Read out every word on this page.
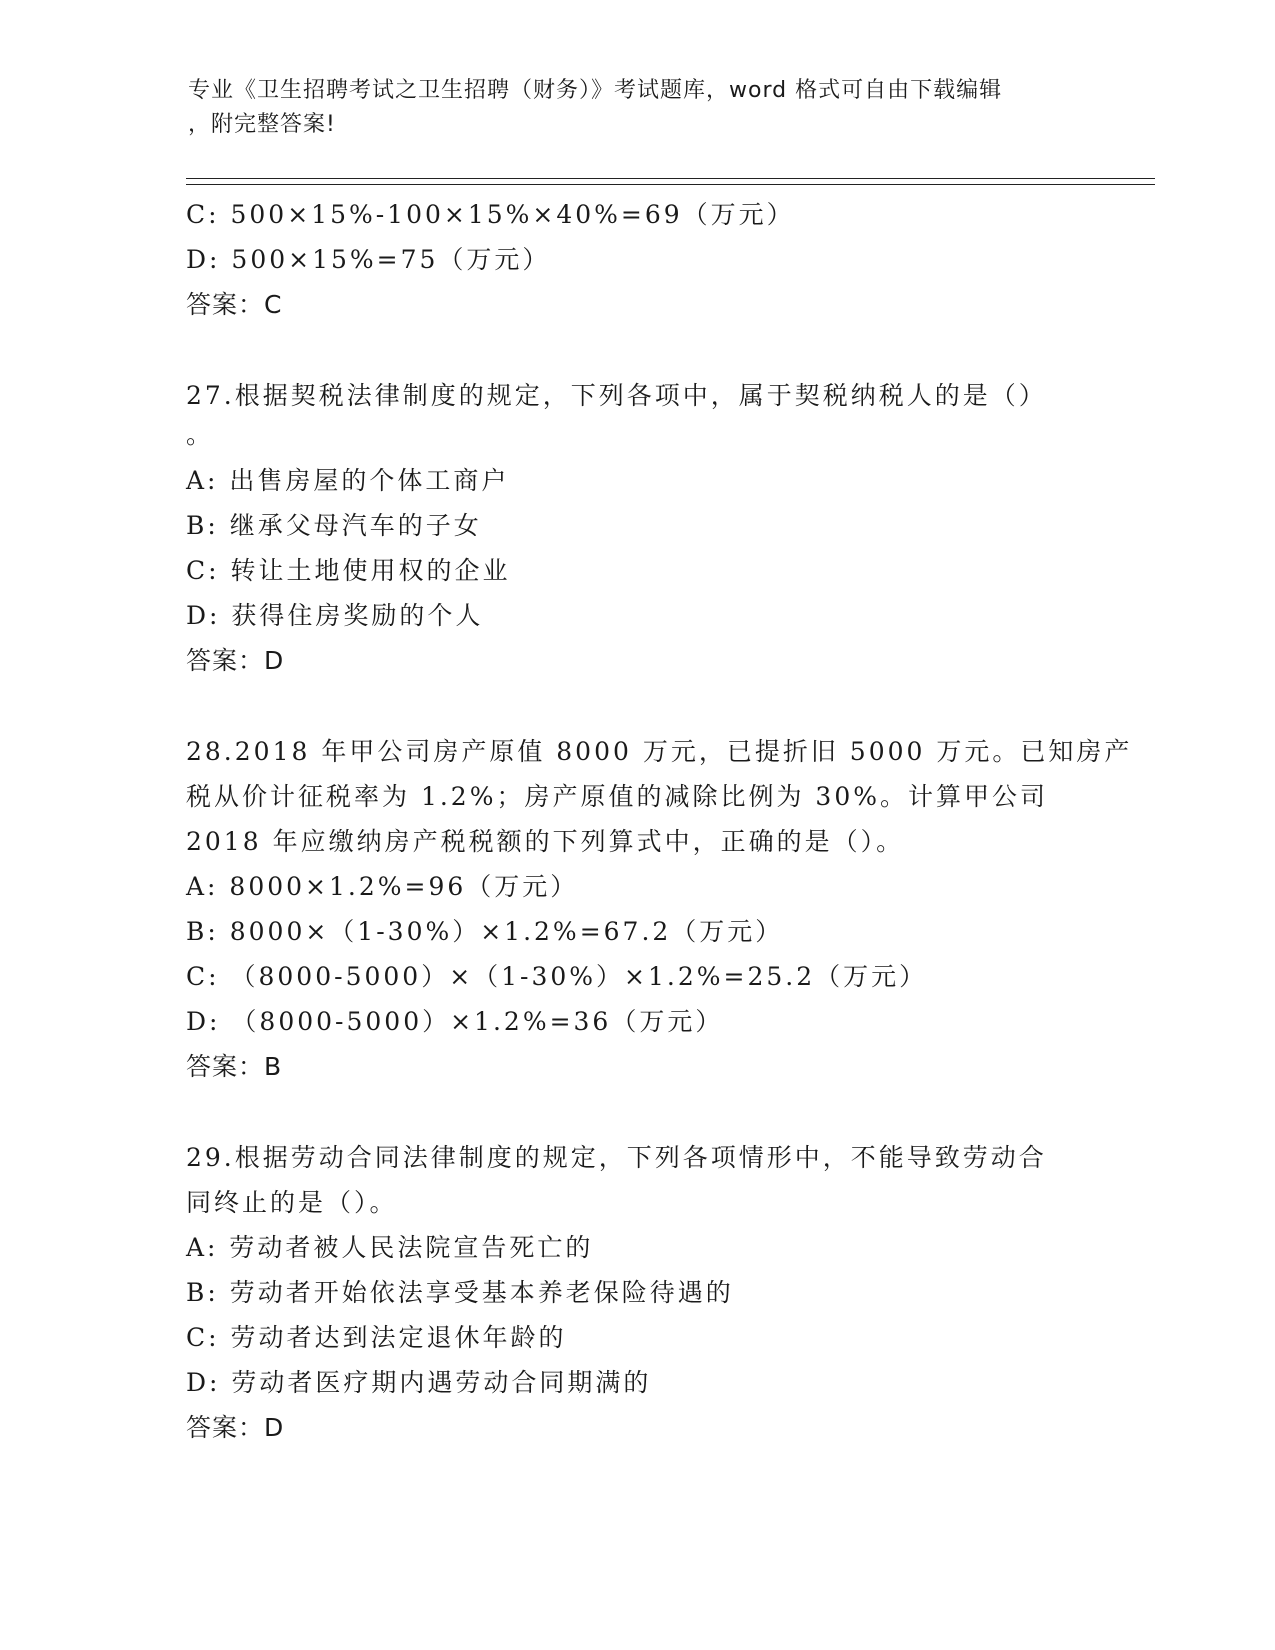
专业《卫生招聘考试之卫生招聘（财务）》考试题库，word 格式可自由下载编辑
，附完整答案!
C: 500×15%-100×15%×40%=69（万元）
D: 500×15%=75（万元）
答案：C
27.根据契税法律制度的规定，下列各项中，属于契税纳税人的是（）
。
A: 出售房屋的个体工商户
B: 继承父母汽车的子女
C: 转让土地使用权的企业
D: 获得住房奖励的个人
答案：D
28.2018 年甲公司房产原值 8000 万元，已提折旧 5000 万元。已知房产
税从价计征税率为 1.2%；房产原值的减除比例为 30%。计算甲公司
2018 年应缴纳房产税税额的下列算式中，正确的是（）。
A: 8000×1.2%=96（万元）
B: 8000×（1-30%）×1.2%=67.2（万元）
C: （8000-5000）×（1-30%）×1.2%=25.2（万元）
D: （8000-5000）×1.2%=36（万元）
答案：B
29.根据劳动合同法律制度的规定，下列各项情形中，不能导致劳动合
同终止的是（）。
A: 劳动者被人民法院宣告死亡的
B: 劳动者开始依法享受基本养老保险待遇的
C: 劳动者达到法定退休年龄的
D: 劳动者医疗期内遇劳动合同期满的
答案：D
